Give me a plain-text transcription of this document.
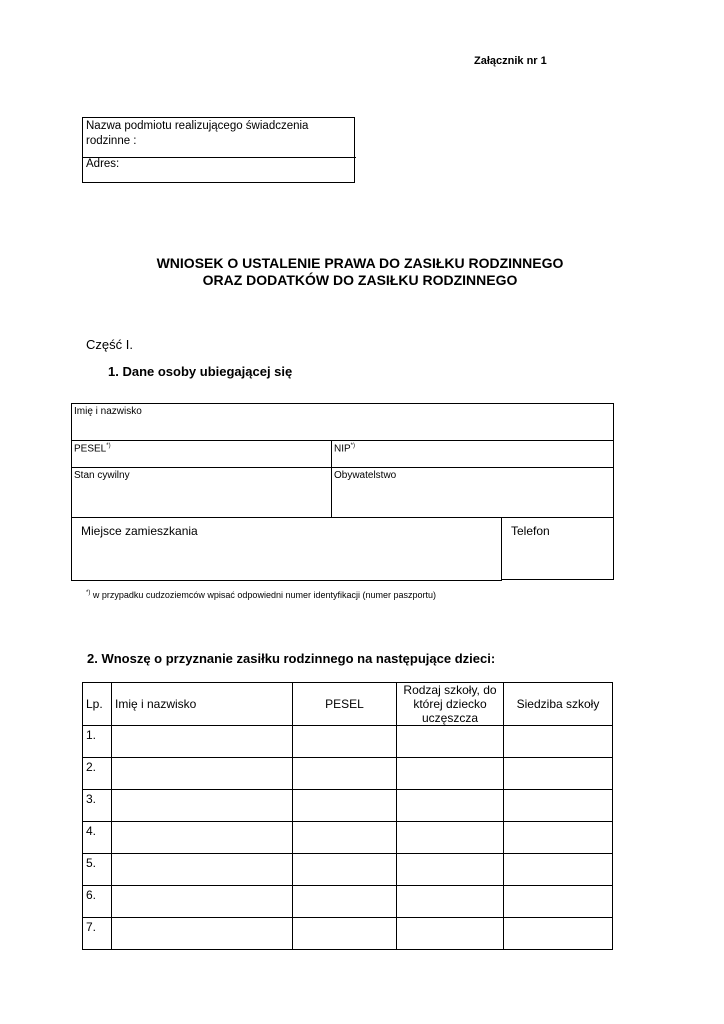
Załącznik nr 1
Nazwa podmiotu realizującego świadczenia rodzinne :
Adres:
WNIOSEK O USTALENIE PRAWA DO ZASIŁKU RODZINNEGO
ORAZ DODATKÓW DO ZASIŁKU RODZINNEGO
Część I.
1. Dane osoby ubiegającej się
Imię i nazwisko
PESEL*)	NIP*)
Stan cywilny	Obywatelstwo
Miejsce zamieszkania	Telefon
*) w przypadku cudzoziemców wpisać odpowiedni numer identyfikacji (numer paszportu)
2. Wnoszę o przyznanie zasiłku rodzinnego na następujące dzieci:
Lp.	Imię i nazwisko	PESEL	Rodzaj szkoły, do której dziecko uczęszcza	Siedziba szkoły
1.				
2.				
3.				
4.				
5.				
6.				
7.				
